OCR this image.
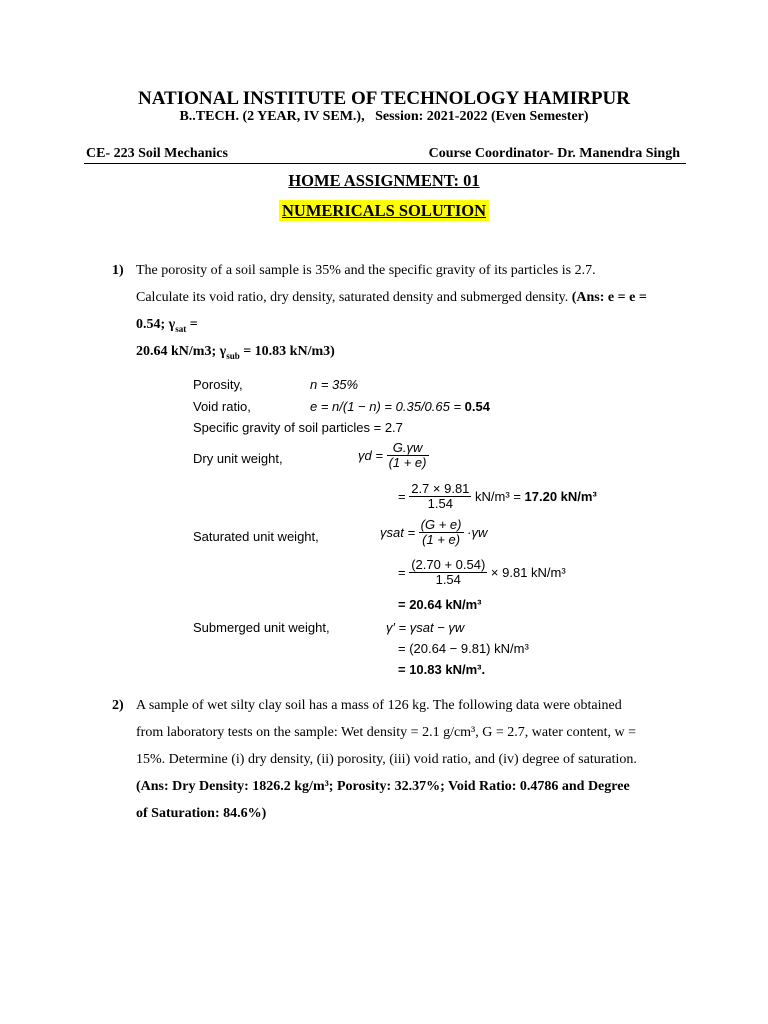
NATIONAL INSTITUTE OF TECHNOLOGY HAMIRPUR
B..TECH. (2 YEAR, IV SEM.),   Session: 2021-2022 (Even Semester)
CE- 223 Soil Mechanics	Course Coordinator- Dr. Manendra Singh
HOME ASSIGNMENT: 01
NUMERICALS SOLUTION
1) The porosity of a soil sample is 35% and the specific gravity of its particles is 2.7.
Calculate its void ratio, dry density, saturated density and submerged density. (Ans: e = e =
0.54; $\gamma_{sat}$ =
20.64 kN/m3; $\gamma_{sub} = 10.83$ kN/m3)
Porosity,	n = 35%
Void ratio,	e = n/(1 − n) = 0.35/0.65 = 0.54
Specific gravity of soil particles = 2.7
Dry unit weight,	$\gamma d = \frac{G.\gamma w}{(1 + e)}$
= $\frac{2.7 \times 9.81}{1.54} kN/m^3 = 17.20$ kN/m³
Saturated unit weight,	$\gamma sat = \frac{(G + e)}{(1 + e)} \cdot\gamma w$
= $\frac{(2.70 + 0.54)}{1.54} \times 9.81$ kN/m³
= 20.64 kN/m³
Submerged unit weight,	γ′ = γsat − γw
= (20.64 − 9.81) kN/m³
= 10.83 kN/m³.
2) A sample of wet silty clay soil has a mass of 126 kg. The following data were obtained
from laboratory tests on the sample: Wet density = 2.1 g/cm³, G = 2.7, water content, w =
15%. Determine (i) dry density, (ii) porosity, (iii) void ratio, and (iv) degree of saturation.
(Ans: Dry Density: 1826.2 kg/m³; Porosity: 32.37%; Void Ratio: 0.4786 and Degree
of Saturation: 84.6%)
